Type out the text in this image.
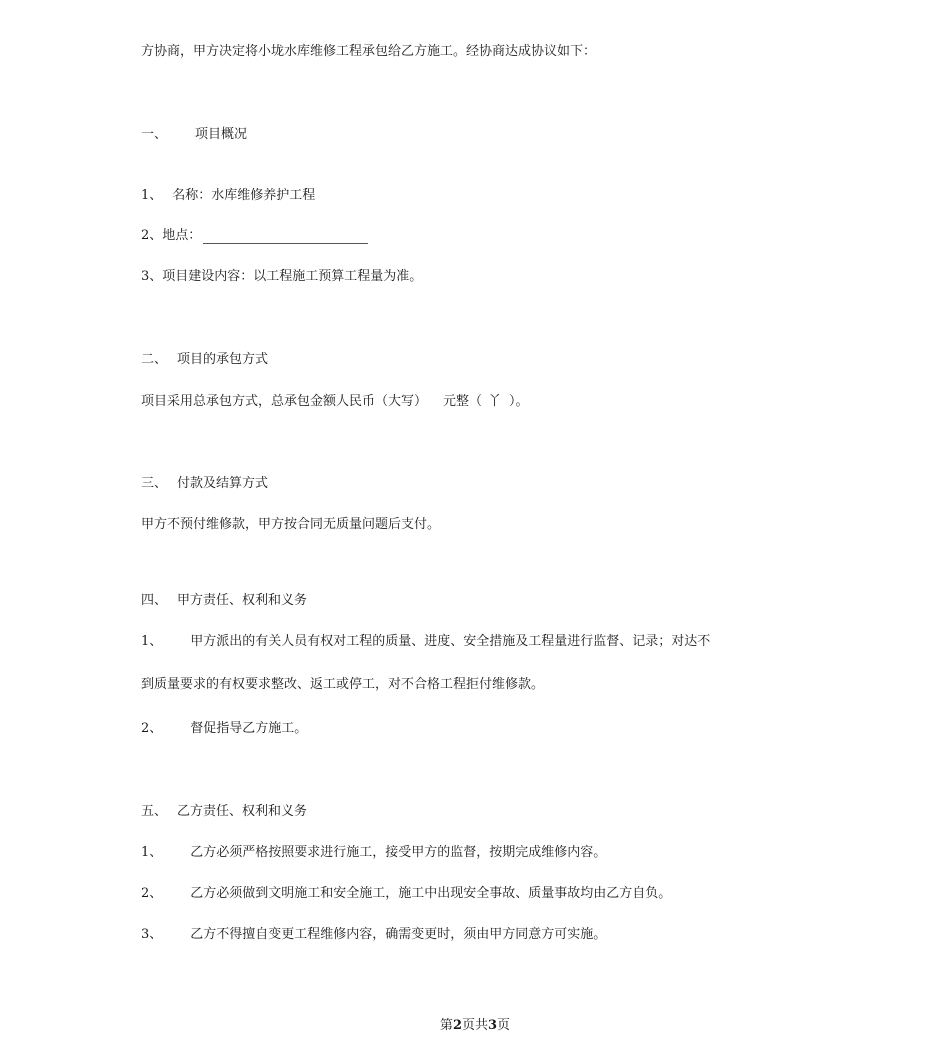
方协商，甲方决定将小垅水库维修工程承包给乙方施工。经协商达成协议如下：
一、 项目概况
1、 名称：水库维修养护工程
2、地点：
3、项目建设内容：以工程施工预算工程量为准。
二、 项目的承包方式
项目采用总承包方式，总承包金额人民币（大写） 元整（ 丫 ）。
三、 付款及结算方式
甲方不预付维修款，甲方按合同无质量问题后支付。
四、 甲方责任、权利和义务
1、 甲方派出的有关人员有权对工程的质量、进度、安全措施及工程量进行监督、记录；对达不
到质量要求的有权要求整改、返工或停工，对不合格工程拒付维修款。
2、 督促指导乙方施工。
五、 乙方责任、权利和义务
1、 乙方必须严格按照要求进行施工，接受甲方的监督，按期完成维修内容。
2、 乙方必须做到文明施工和安全施工，施工中出现安全事故、质量事故均由乙方自负。
3、 乙方不得擅自变更工程维修内容，确需变更时，须由甲方同意方可实施。
第2页共3页
